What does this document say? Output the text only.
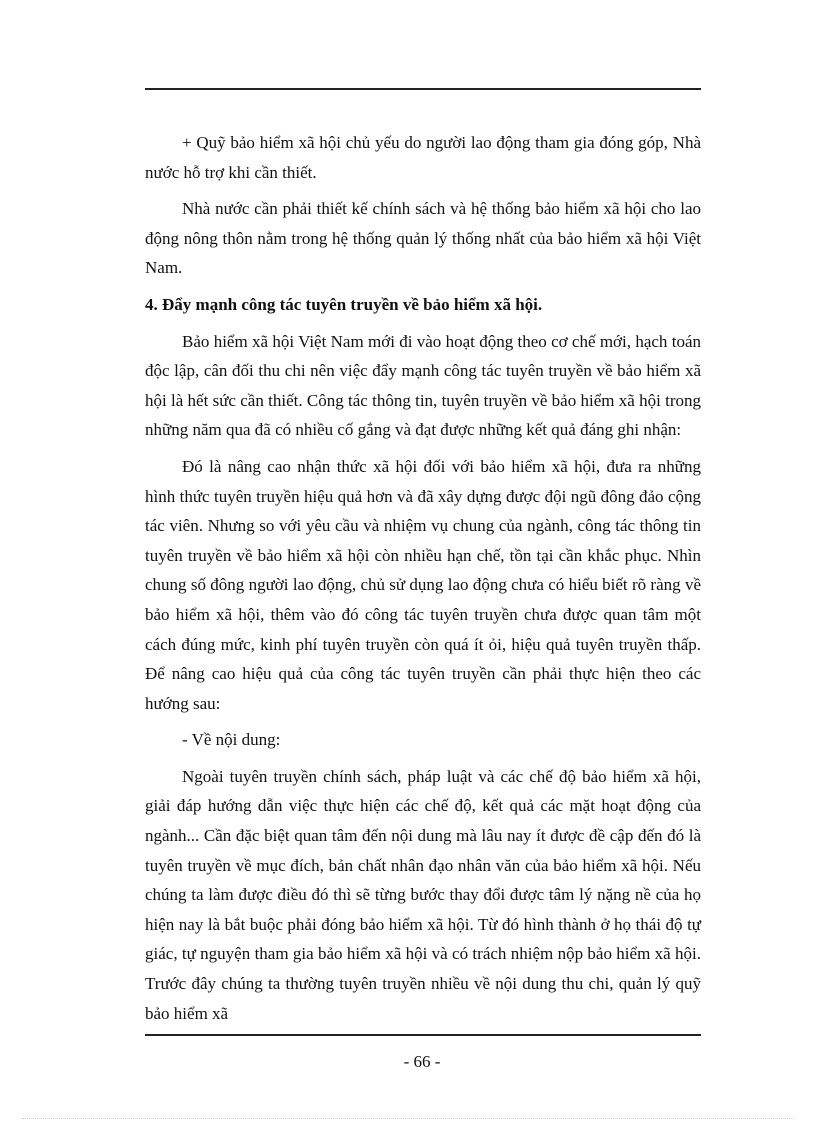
+ Quỹ bảo hiểm xã hội chủ yếu do người lao động tham gia đóng góp, Nhà nước hỗ trợ khi cần thiết.

Nhà nước cần phải thiết kế chính sách và hệ thống bảo hiểm xã hội cho lao động nông thôn nằm trong hệ thống quản lý thống nhất của bảo hiểm xã hội Việt Nam.

4. Đẩy mạnh công tác tuyên truyền về bảo hiểm xã hội.

Bảo hiểm xã hội Việt Nam mới đi vào hoạt động theo cơ chế mới, hạch toán độc lập, cân đối thu chi nên việc đẩy mạnh công tác tuyên truyền về bảo hiểm xã hội là hết sức cần thiết. Công tác thông tin, tuyên truyền về bảo hiểm xã hội trong những năm qua đã có nhiều cố gắng và đạt được những kết quả đáng ghi nhận:

Đó là nâng cao nhận thức xã hội đối với bảo hiểm xã hội, đưa ra những hình thức tuyên truyền hiệu quả hơn và đã xây dựng được đội ngũ đông đảo cộng tác viên. Nhưng so với yêu cầu và nhiệm vụ chung của ngành, công tác thông tin tuyên truyền về bảo hiểm xã hội còn nhiều hạn chế, tồn tại cần khắc phục. Nhìn chung số đông người lao động, chủ sử dụng lao động chưa có hiểu biết rõ ràng về bảo hiểm xã hội, thêm vào đó công tác tuyên truyền chưa được quan tâm một cách đúng mức, kinh phí tuyên truyền còn quá ít ỏi, hiệu quả tuyên truyền thấp. Để nâng cao hiệu quả của công tác tuyên truyền cần phải thực hiện theo các hướng sau:

- Về nội dung:

Ngoài tuyên truyền chính sách, pháp luật và các chế độ bảo hiểm xã hội, giải đáp hướng dẫn việc thực hiện các chế độ, kết quả các mặt hoạt động của ngành... Cần đặc biệt quan tâm đến nội dung mà lâu nay ít được đề cập đến đó là tuyên truyền về mục đích, bản chất nhân đạo nhân văn của bảo hiểm xã hội. Nếu chúng ta làm được điều đó thì sẽ từng bước thay đổi được tâm lý nặng nề của họ hiện nay là bắt buộc phải đóng bảo hiểm xã hội. Từ đó hình thành ở họ thái độ tự giác, tự nguyện tham gia bảo hiểm xã hội và có trách nhiệm nộp bảo hiểm xã hội. Trước đây chúng ta thường tuyên truyền nhiều về nội dung thu chi, quản lý quỹ bảo hiểm xã

- 66 -
